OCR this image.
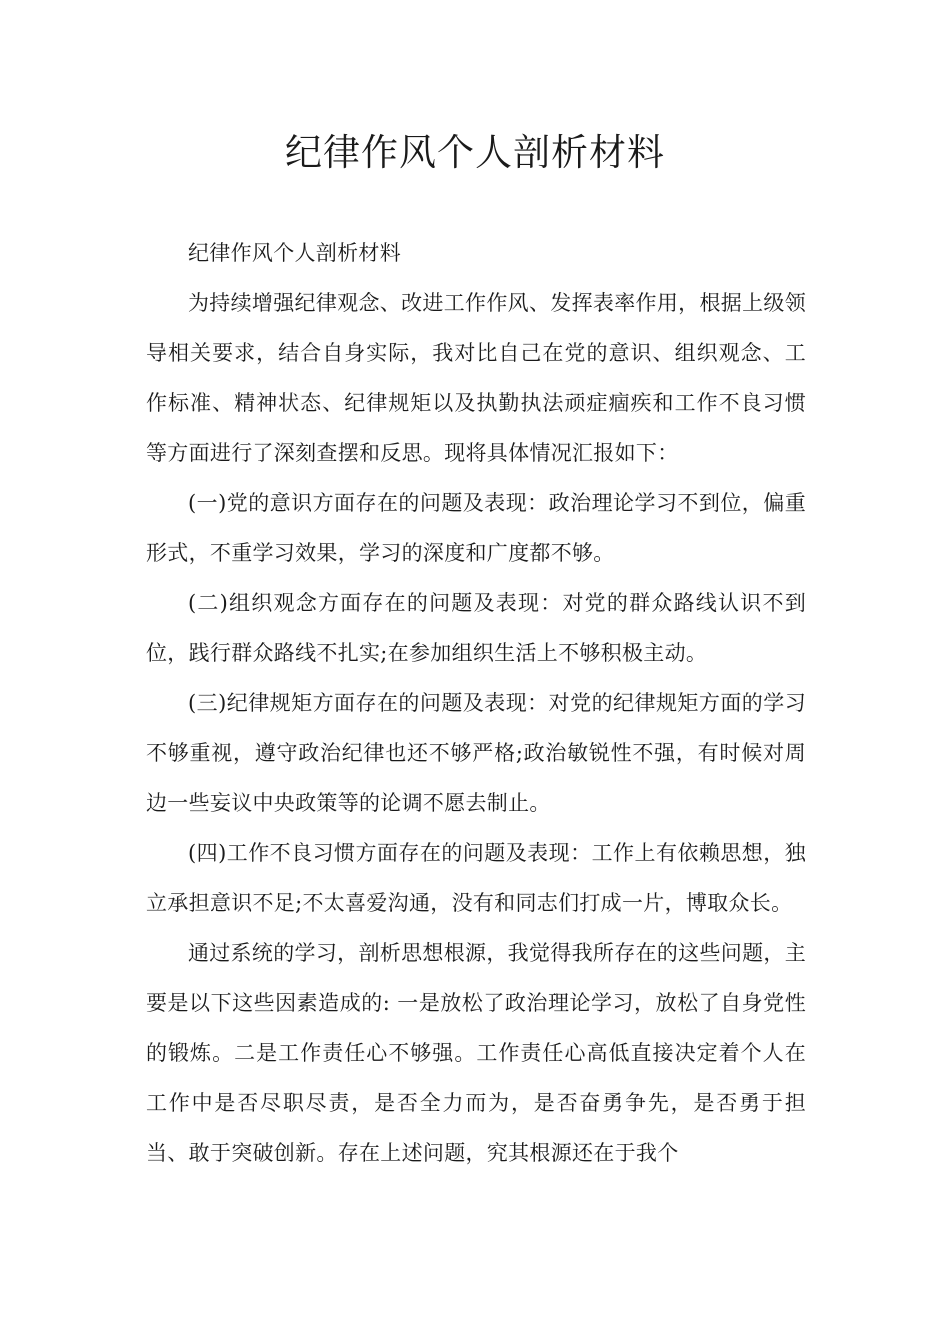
纪律作风个人剖析材料

纪律作风个人剖析材料

为持续增强纪律观念、改进工作作风、发挥表率作用，根据上级领导相关要求，结合自身实际，我对比自己在党的意识、组织观念、工作标准、精神状态、纪律规矩以及执勤执法顽症痼疾和工作不良习惯等方面进行了深刻查摆和反思。现将具体情况汇报如下：

(一)党的意识方面存在的问题及表现：政治理论学习不到位，偏重形式，不重学习效果，学习的深度和广度都不够。

(二)组织观念方面存在的问题及表现：对党的群众路线认识不到位，践行群众路线不扎实;在参加组织生活上不够积极主动。

(三)纪律规矩方面存在的问题及表现：对党的纪律规矩方面的学习不够重视，遵守政治纪律也还不够严格;政治敏锐性不强，有时候对周边一些妄议中央政策等的论调不愿去制止。

(四)工作不良习惯方面存在的问题及表现：工作上有依赖思想，独立承担意识不足;不太喜爱沟通，没有和同志们打成一片，博取众长。

通过系统的学习，剖析思想根源，我觉得我所存在的这些问题，主要是以下这些因素造成的: 一是放松了政治理论学习，放松了自身党性的锻炼。二是工作责任心不够强。工作责任心高低直接决定着个人在工作中是否尽职尽责，是否全力而为，是否奋勇争先，是否勇于担当、敢于突破创新。存在上述问题，究其根源还在于我个
